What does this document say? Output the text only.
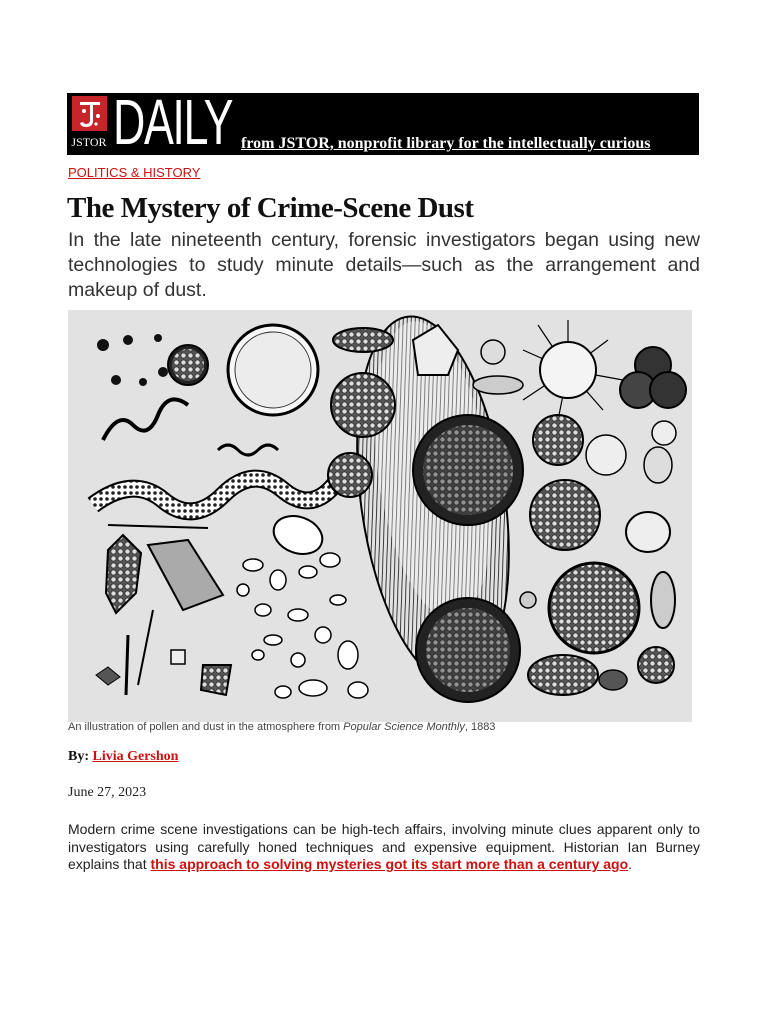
JSTOR DAILY from JSTOR, nonprofit library for the intellectually curious
POLITICS & HISTORY
The Mystery of Crime-Scene Dust
In the late nineteenth century, forensic investigators began using new technologies to study minute details—such as the arrangement and makeup of dust.
An illustration of pollen and dust in the atmosphere from Popular Science Monthly, 1883
By: Livia Gershon
June 27, 2023
Modern crime scene investigations can be high-tech affairs, involving minute clues apparent only to investigators using carefully honed techniques and expensive equipment. Historian Ian Burney explains that this approach to solving mysteries got its start more than a century ago.
